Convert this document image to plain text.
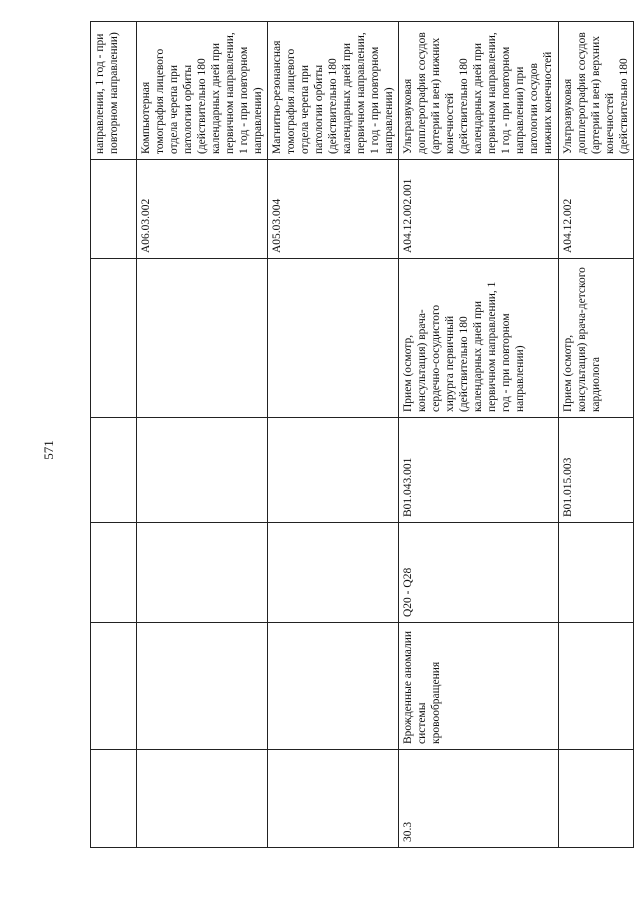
571
						направлении, 1 год - при повторном направлении)
					A06.03.002	Компьютерная томография лицевого отдела черепа при патологии орбиты (действительно 180 календарных дней при первичном направлении, 1 год - при повторном направлении)
					A05.03.004	Магнитно-резонансная томография лицевого отдела черепа при патологии орбиты (действительно 180 календарных дней при первичном направлении, 1 год - при повторном направлении)
30.3	Врожденные аномалии системы кровообращения	Q20 - Q28	B01.043.001	Прием (осмотр, консультация) врача-сердечно-сосудистого хирурга первичный (действительно 180 календарных дней при первичном направлении, 1 год - при повторном направлении)	A04.12.002.001	Ультразвуковая допплерография сосудов (артерий и вен) нижних конечностей (действительно 180 календарных дней при первичном направлении, 1 год - при повторном направлении) при патологии сосудов нижних конечностей
			B01.015.003	Прием (осмотр, консультация) врача-детского кардиолога	A04.12.002	Ультразвуковая допплерография сосудов (артерий и вен) верхних конечностей (действительно 180
